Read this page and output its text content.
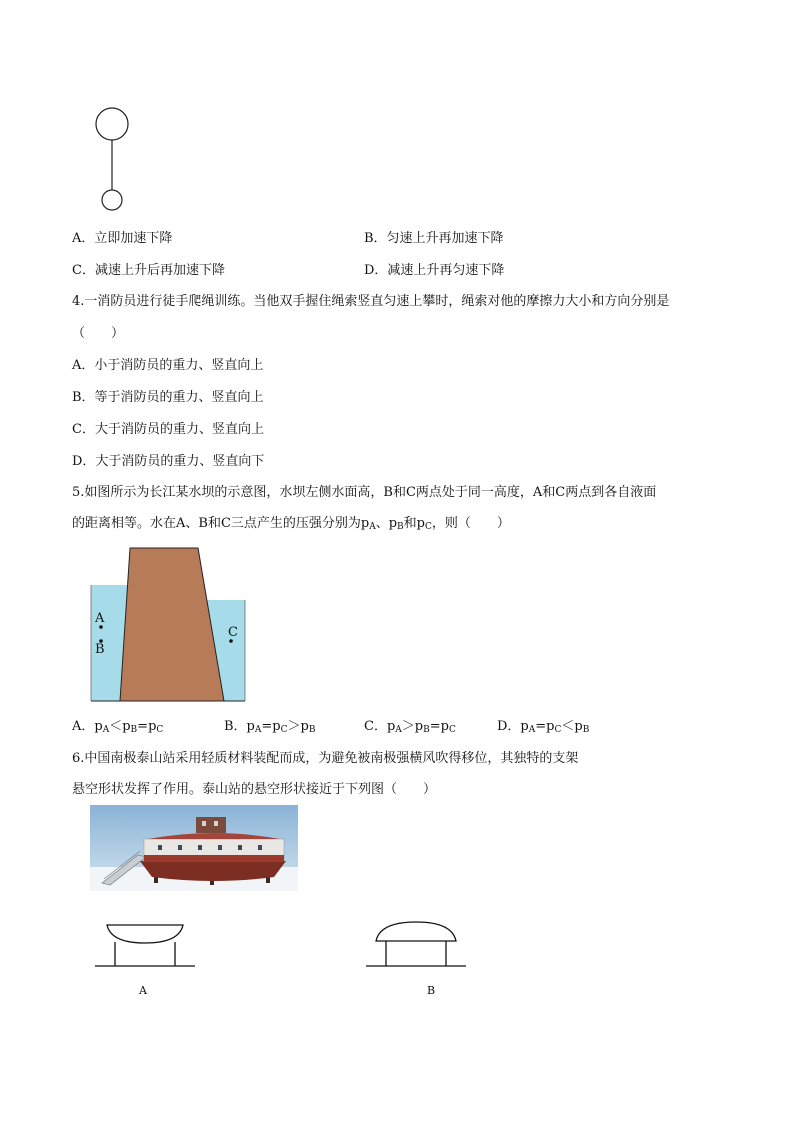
A．立即加速下降	B．匀速上升再加速下降
C．减速上升后再加速下降	D．减速上升再匀速下降
4.一消防员进行徒手爬绳训练。当他双手握住绳索竖直匀速上攀时，绳索对他的摩擦力大小和方向分别是
（　　）
A．小于消防员的重力、竖直向上
B．等于消防员的重力、竖直向上
C．大于消防员的重力、竖直向上
D．大于消防员的重力、竖直向下
5.如图所示为长江某水坝的示意图，水坝左侧水面高，B和C两点处于同一高度，A和C两点到各自液面
的距离相等。水在A、B和C三点产生的压强分别为$p_A$、$p_B$和$p_C$，则（　　）
A
B
C
A．$p_A<p_B=p_C$	B．$p_A=p_C>p_B$	C．$p_A>p_B=p_C$	D．$p_A=p_C<p_B$
6.中国南极泰山站采用轻质材料装配而成，为避免被南极强横风吹得移位，其独特的支架
悬空形状发挥了作用。泰山站的悬空形状接近于下列图（　　）
A	B
